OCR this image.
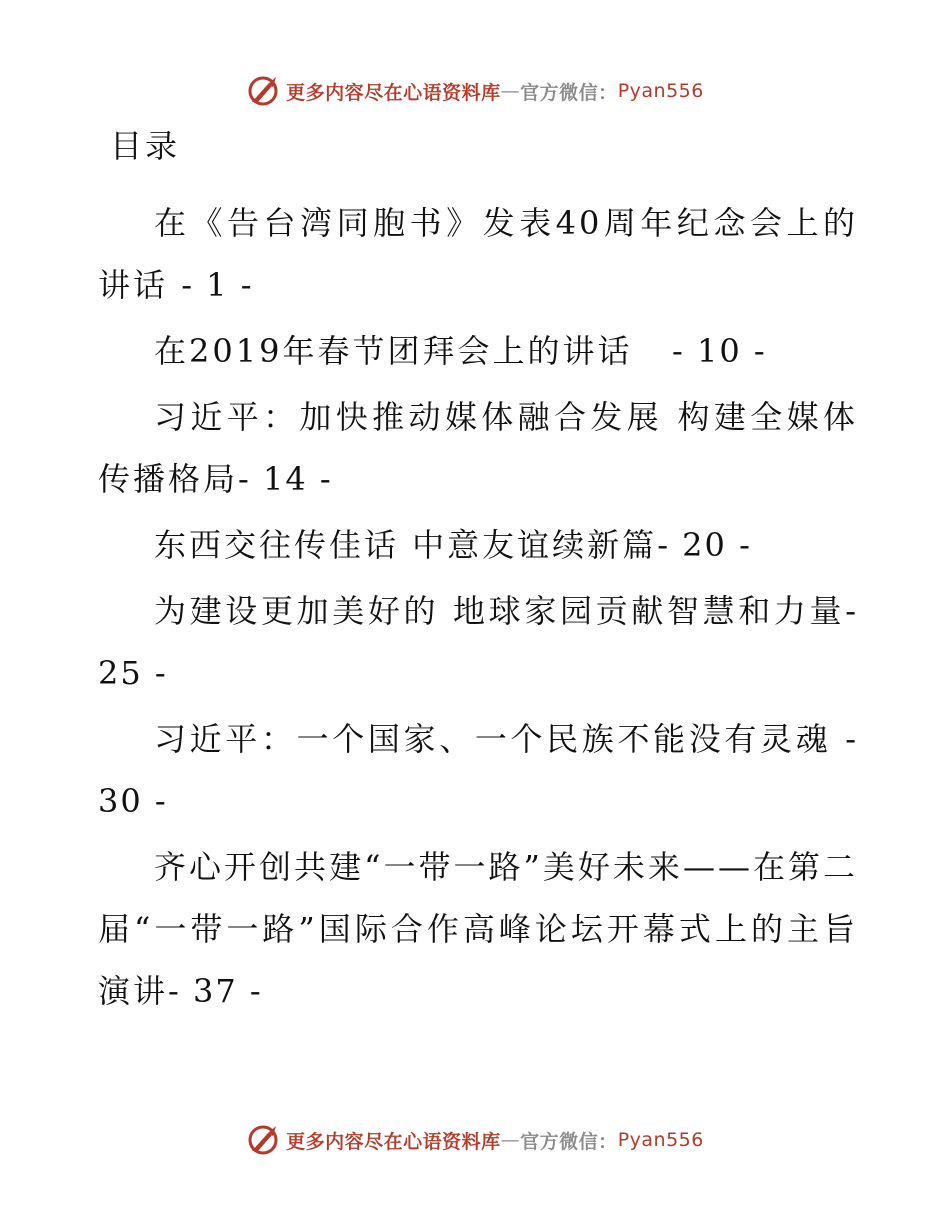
更多内容尽在心语资料库 — 官方微信： Pyan556
目录
在《告台湾同胞书》发表40周年纪念会上的讲话 - 1 -
在2019年春节团拜会上的讲话   - 10 -
习近平：加快推动媒体融合发展 构建全媒体传播格局- 14 -
东西交往传佳话 中意友谊续新篇- 20 -
为建设更加美好的 地球家园贡献智慧和力量- 25 -
习近平：一个国家、一个民族不能没有灵魂 - 30 -
齐心开创共建“一带一路”美好未来——在第二届“一带一路”国际合作高峰论坛开幕式上的主旨演讲- 37 -
更多内容尽在心语资料库 — 官方微信： Pyan556
